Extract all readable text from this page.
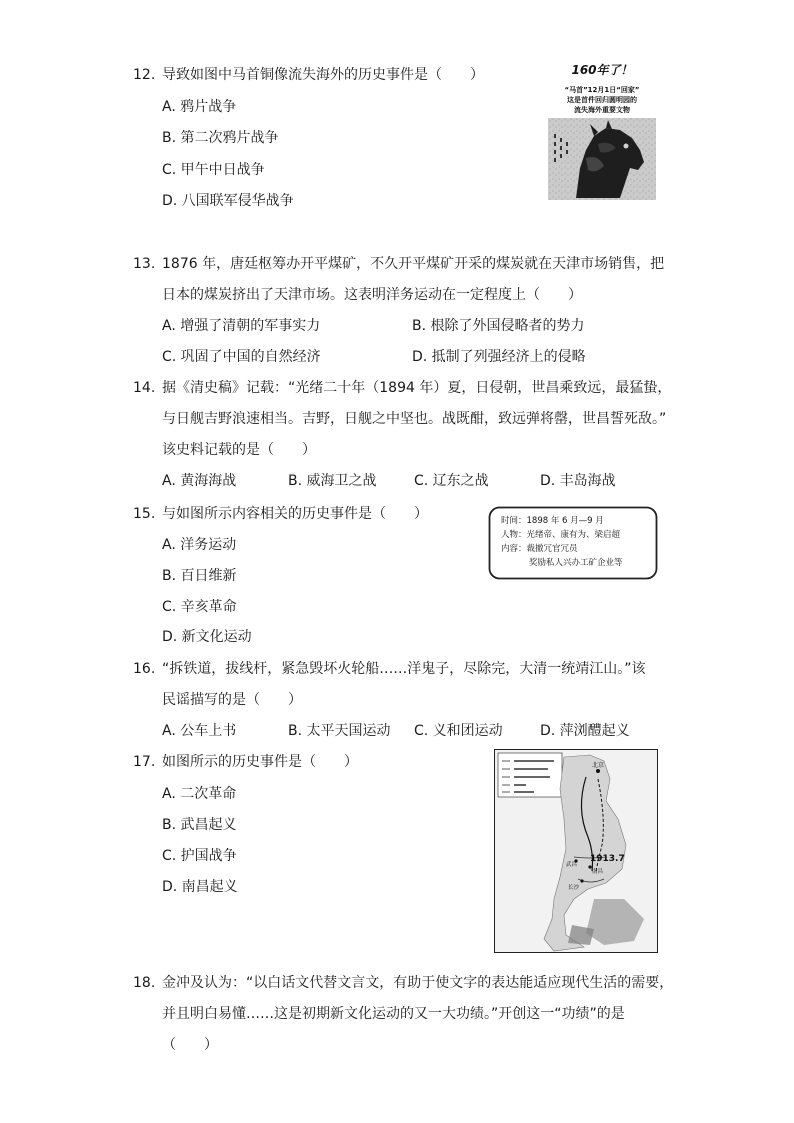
12. 导致如图中马首铜像流失海外的历史事件是（　　）
A. 鸦片战争
B. 第二次鸦片战争
C. 甲午中日战争
D. 八国联军侵华战争
160年了！
“马首”12月1日“回家”
这是首件回归圆明园的
流失海外重要文物
13. 1876 年，唐廷枢筹办开平煤矿，不久开平煤矿开采的煤炭就在天津市场销售，把
日本的煤炭挤出了天津市场。这表明洋务运动在一定程度上（　　）
A. 增强了清朝的军事实力	B. 根除了外国侵略者的势力
C. 巩固了中国的自然经济	D. 抵制了列强经济上的侵略
14. 据《清史稿》记载：“光绪二十年（1894 年）夏，日侵朝，世昌乘致远，最猛蛰，
与日舰吉野浪速相当。吉野，日舰之中坚也。战既酣，致远弹将罄，世昌誓死敌。”
该史料记载的是（　　）
A. 黄海海战	B. 威海卫之战	C. 辽东之战	D. 丰岛海战
15. 与如图所示内容相关的历史事件是（　　）
A. 洋务运动
B. 百日维新
C. 辛亥革命
D. 新文化运动
时间：1898 年 6 月—9 月
人物：光绪帝、康有为、梁启超
内容：裁撤冗官冗员
奖励私人兴办工矿企业等
16. “拆铁道，拔线杆，紧急毁坏火轮船……洋鬼子，尽除完，大清一统靖江山。”该
民谣描写的是（　　）
A. 公车上书	B. 太平天国运动 C. 义和团运动	D. 萍浏醴起义
17. 如图所示的历史事件是（　　）
A. 二次革命
B. 武昌起义
C. 护国战争
D. 南昌起义
北京
武昌
南昌
长沙
1913.7
18. 金冲及认为：“以白话文代替文言文，有助于使文字的表达能适应现代生活的需要，
并且明白易懂……这是初期新文化运动的又一大功绩。”开创这一“功绩”的是
（　　）
